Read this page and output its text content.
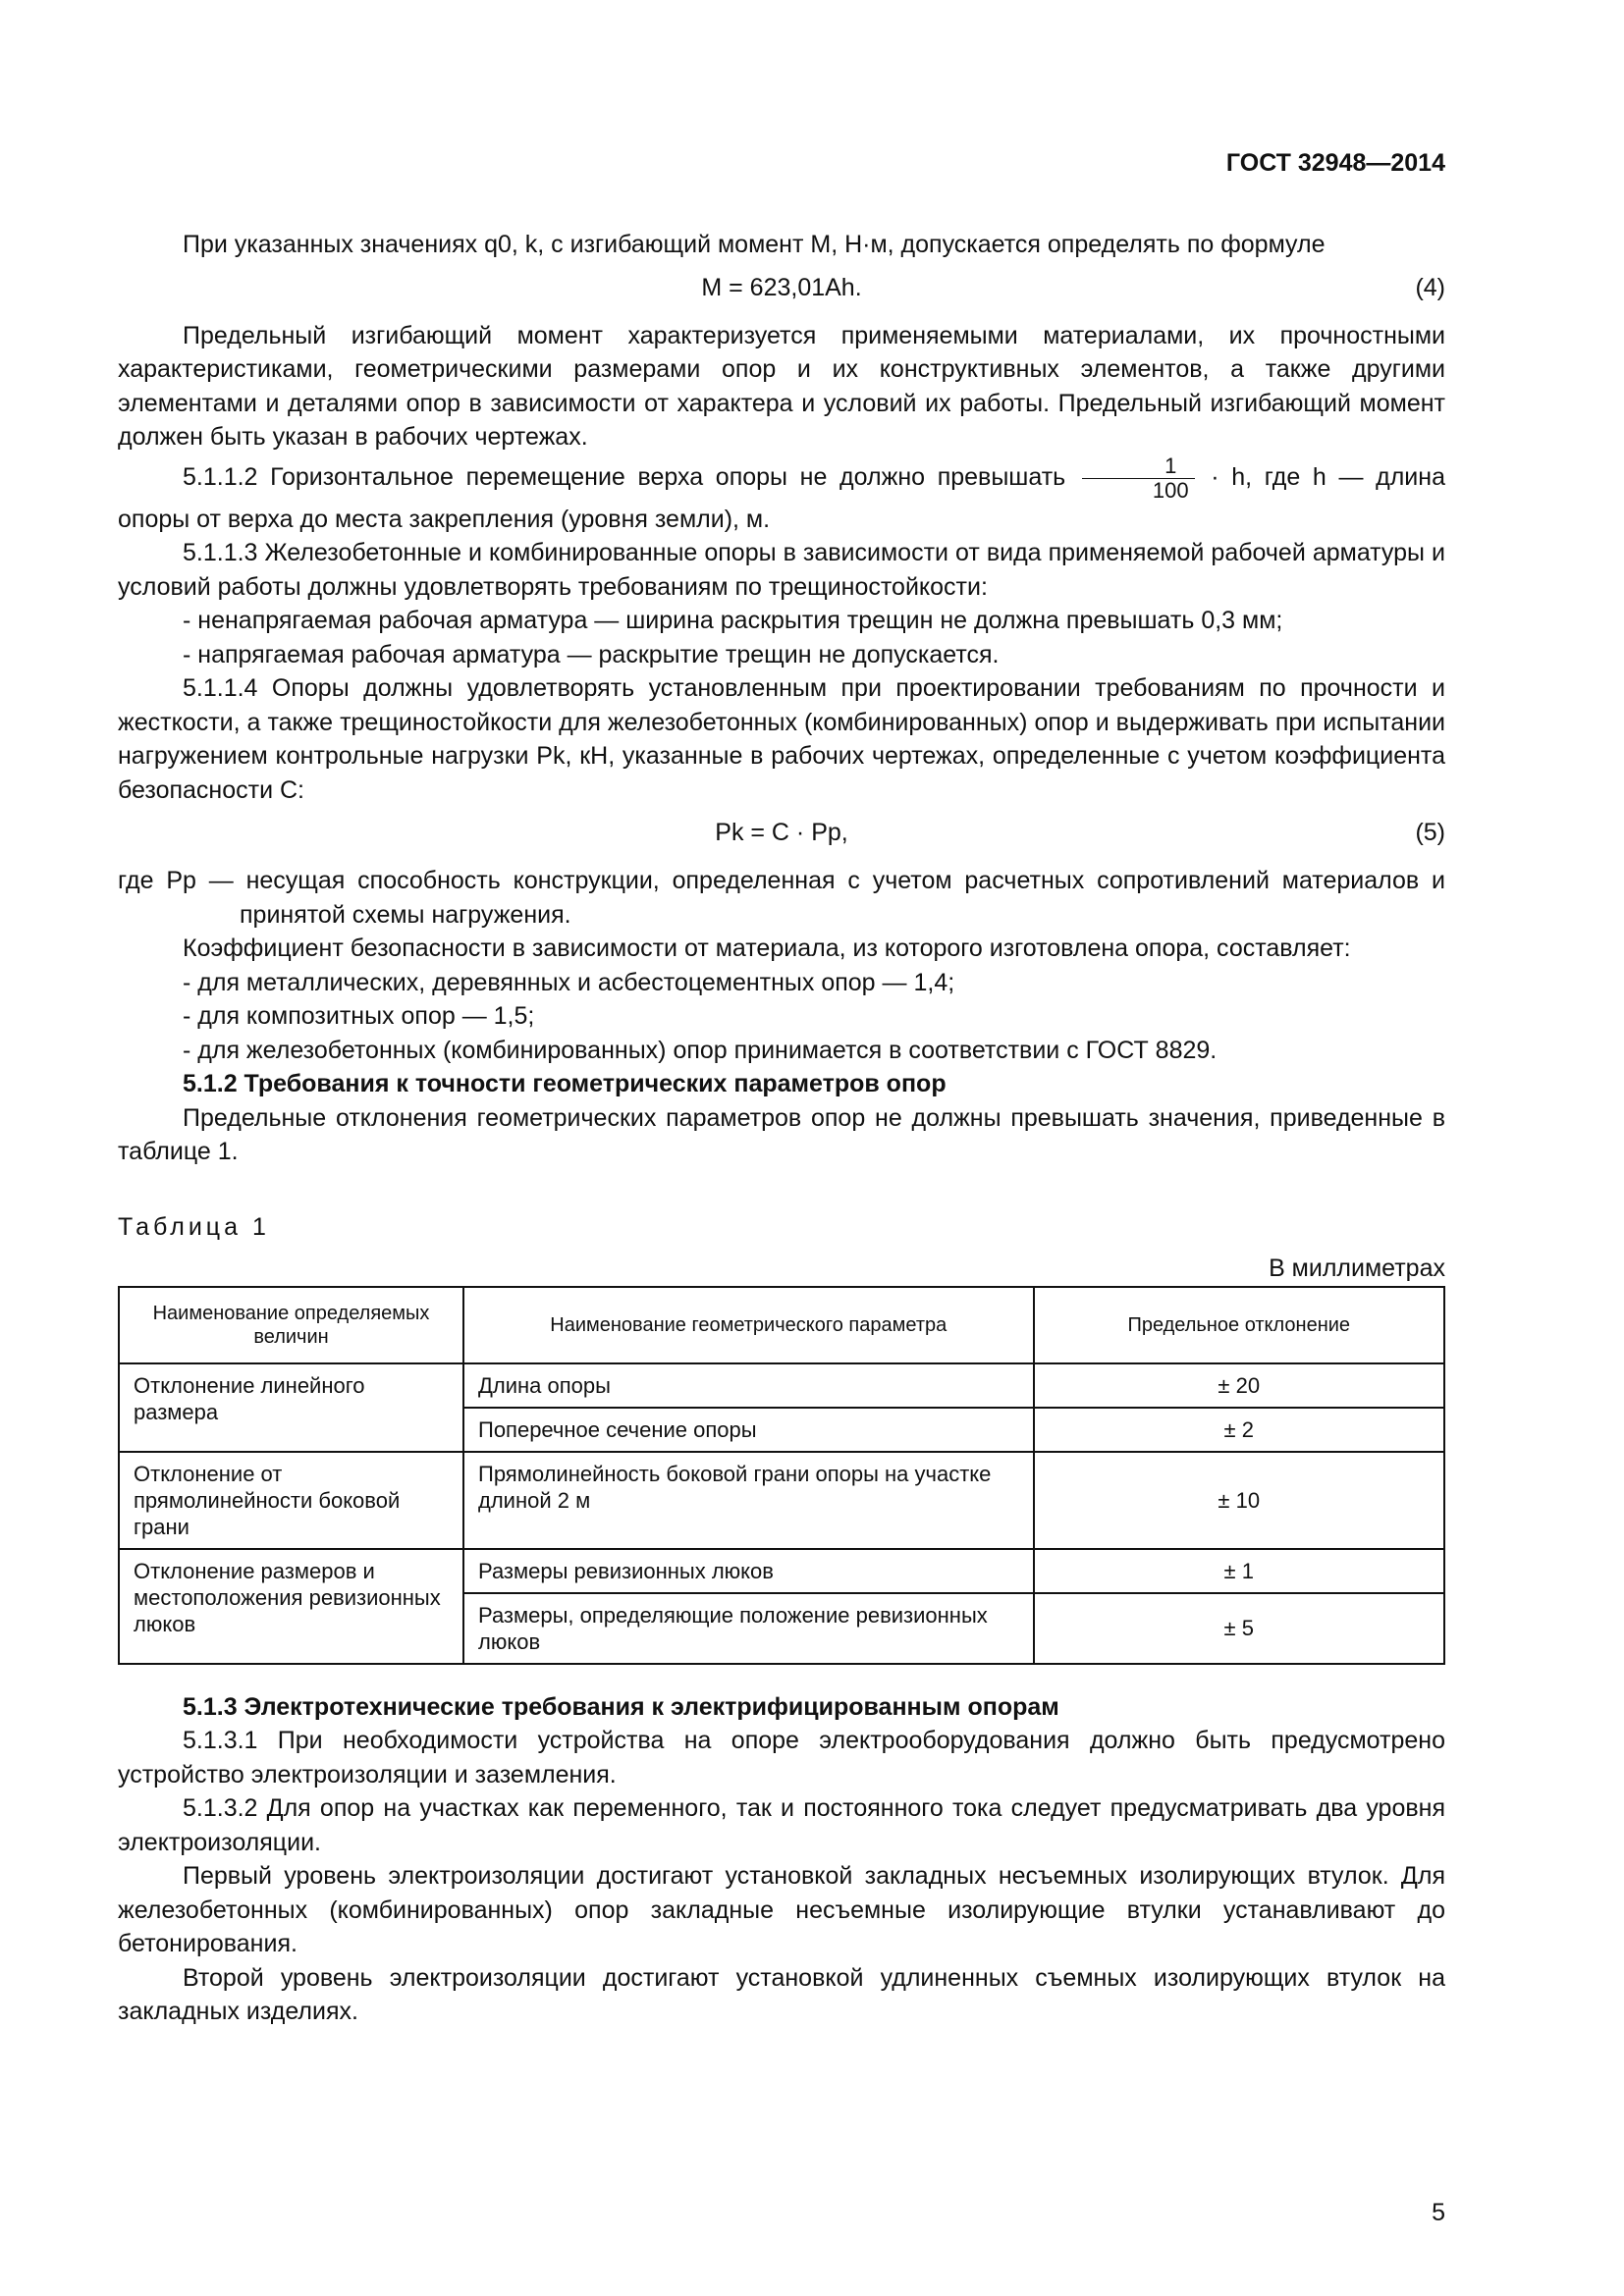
ГОСТ 32948—2014

При указанных значениях q0, k, с изгибающий момент М, Н·м, допускается определять по формуле

M = 623,01Ah.	(4)

Предельный изгибающий момент характеризуется применяемыми материалами, их прочностными характеристиками, геометрическими размерами опор и их конструктивных элементов, а также другими элементами и деталями опор в зависимости от характера и условий их работы. Предельный изгибающий момент должен быть указан в рабочих чертежах.

5.1.1.2 Горизонтальное перемещение верха опоры не должно превышать $\frac{1}{100} \cdot h$, где h — длина опоры от верха до места закрепления (уровня земли), м.

5.1.1.3 Железобетонные и комбинированные опоры в зависимости от вида применяемой рабочей арматуры и условий работы должны удовлетворять требованиям по трещиностойкости:

- ненапрягаемая рабочая арматура — ширина раскрытия трещин не должна превышать 0,3 мм;

- напрягаемая рабочая арматура — раскрытие трещин не допускается.

5.1.1.4 Опоры должны удовлетворять установленным при проектировании требованиям по прочности и жесткости, а также трещиностойкости для железобетонных (комбинированных) опор и выдерживать при испытании нагружением контрольные нагрузки Pk, кН, указанные в рабочих чертежах, определенные с учетом коэффициента безопасности С:

Pk = C · Pp,	(5)

где Pp — несущая способность конструкции, определенная с учетом расчетных сопротивлений материалов и принятой схемы нагружения.

Коэффициент безопасности в зависимости от материала, из которого изготовлена опора, составляет:

- для металлических, деревянных и асбестоцементных опор — 1,4;

- для композитных опор — 1,5;

- для железобетонных (комбинированных) опор принимается в соответствии с ГОСТ 8829.

5.1.2 Требования к точности геометрических параметров опор

Предельные отклонения геометрических параметров опор не должны превышать значения, приведенные в таблице 1.

Таблица 1

В миллиметрах

Наименование определяемых величин	Наименование геометрического параметра	Предельное отклонение
Отклонение линейного размера	Длина опоры	± 20
	Поперечное сечение опоры	± 2
Отклонение от прямолинейности боковой грани	Прямолинейность боковой грани опоры на участке длиной 2 м	± 10
Отклонение размеров и местоположения ревизионных люков	Размеры ревизионных люков	± 1
	Размеры, определяющие положение ревизионных люков	± 5

5.1.3 Электротехнические требования к электрифицированным опорам

5.1.3.1 При необходимости устройства на опоре электрооборудования должно быть предусмотрено устройство электроизоляции и заземления.

5.1.3.2 Для опор на участках как переменного, так и постоянного тока следует предусматривать два уровня электроизоляции.

Первый уровень электроизоляции достигают установкой закладных несъемных изолирующих втулок. Для железобетонных (комбинированных) опор закладные несъемные изолирующие втулки устанавливают до бетонирования.

Второй уровень электроизоляции достигают установкой удлиненных съемных изолирующих втулок на закладных изделиях.

5
